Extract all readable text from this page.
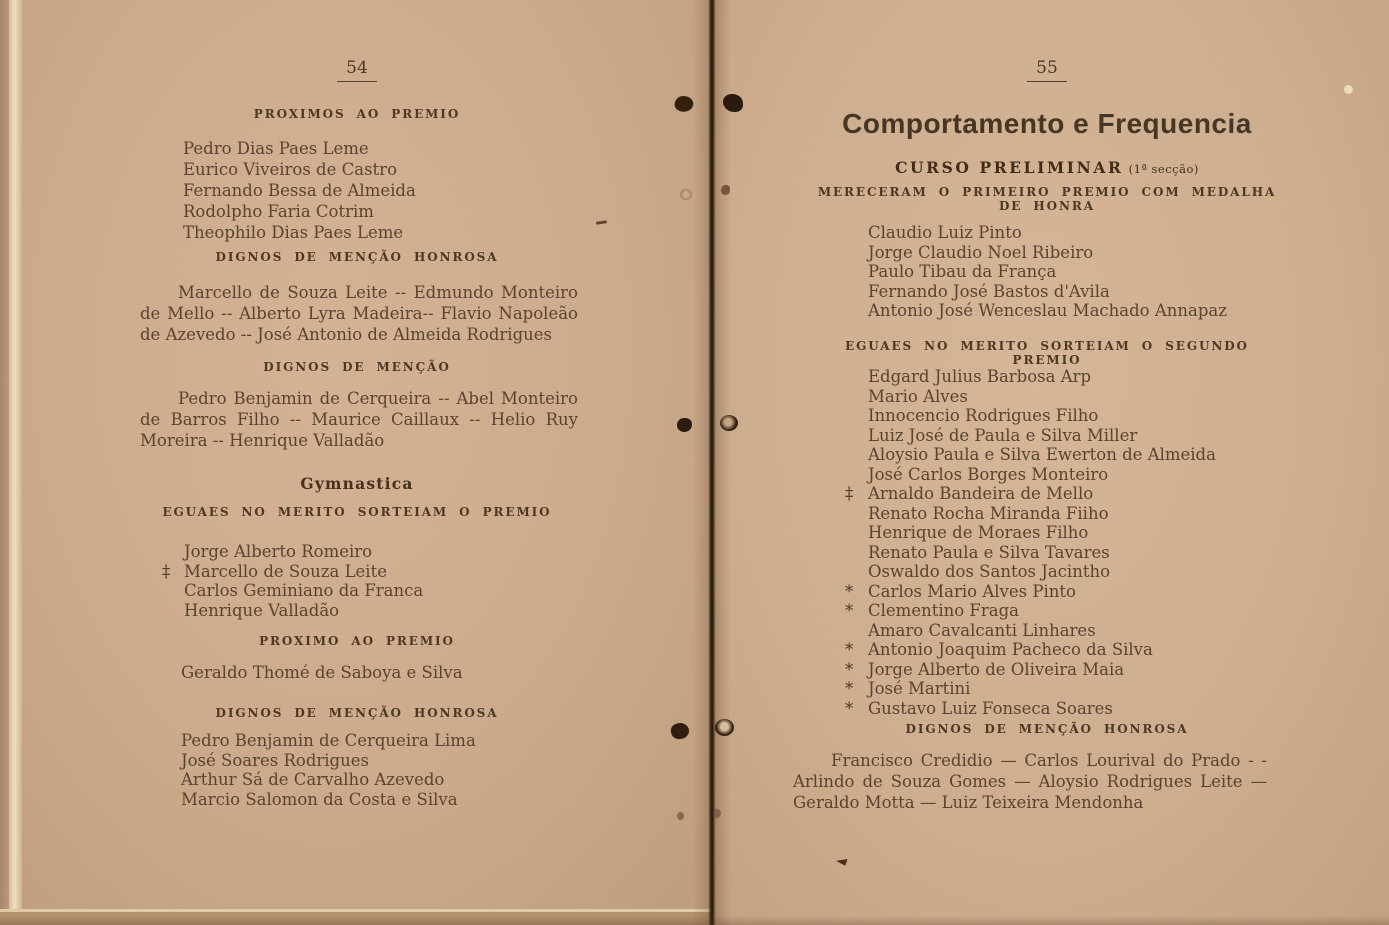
54
PROXIMOS AO PREMIO
Pedro Dias Paes Leme
Eurico Viveiros de Castro
Fernando Bessa de Almeida
Rodolpho Faria Cotrim
Theophilo Dias Paes Leme
DIGNOS DE MENÇÃO HONROSA
Marcello de Souza Leite -- Edmundo Monteiro de Mello -- Alberto Lyra Madeira-- Flavio Napoleão de Azevedo -- José Antonio de Almeida Rodrigues
DIGNOS DE MENÇÃO
Pedro Benjamin de Cerqueira -- Abel Monteiro de Barros Filho -- Maurice Caillaux -- Helio Ruy Moreira -- Henrique Valladão
Gymnastica
EGUAES NO MERITO SORTEIAM O PREMIO
Jorge Alberto Romeiro
‡ Marcello de Souza Leite
Carlos Geminiano da Franca
Henrique Valladão
PROXIMO AO PREMIO
Geraldo Thomé de Saboya e Silva
DIGNOS DE MENÇÃO HONROSA
Pedro Benjamin de Cerqueira Lima
José Soares Rodrigues
Arthur Sá de Carvalho Azevedo
Marcio Salomon da Costa e Silva
55
Comportamento e Frequencia
CURSO PRELIMINAR (1ª secção)
MERECERAM O PRIMEIRO PREMIO COM MEDALHA DE HONRA
Claudio Luiz Pinto
Jorge Claudio Noel Ribeiro
Paulo Tibau da França
Fernando José Bastos d'Avila
Antonio José Wenceslau Machado Annapaz
EGUAES NO MERITO SORTEIAM O SEGUNDO PREMIO
Edgard Julius Barbosa Arp
Mario Alves
Innocencio Rodrigues Filho
Luiz José de Paula e Silva Miller
Aloysio Paula e Silva Ewerton de Almeida
José Carlos Borges Monteiro
‡ Arnaldo Bandeira de Mello
Renato Rocha Miranda Fiiho
Henrique de Moraes Filho
Renato Paula e Silva Tavares
Oswaldo dos Santos Jacintho
* Carlos Mario Alves Pinto
* Clementino Fraga
Amaro Cavalcanti Linhares
* Antonio Joaquim Pacheco da Silva
* Jorge Alberto de Oliveira Maia
* José Martini
* Gustavo Luiz Fonseca Soares
DIGNOS DE MENÇÃO HONROSA
Francisco Credidio — Carlos Lourival do Prado - - Arlindo de Souza Gomes — Aloysio Rodrigues Leite — Geraldo Motta — Luiz Teixeira Mendonha
